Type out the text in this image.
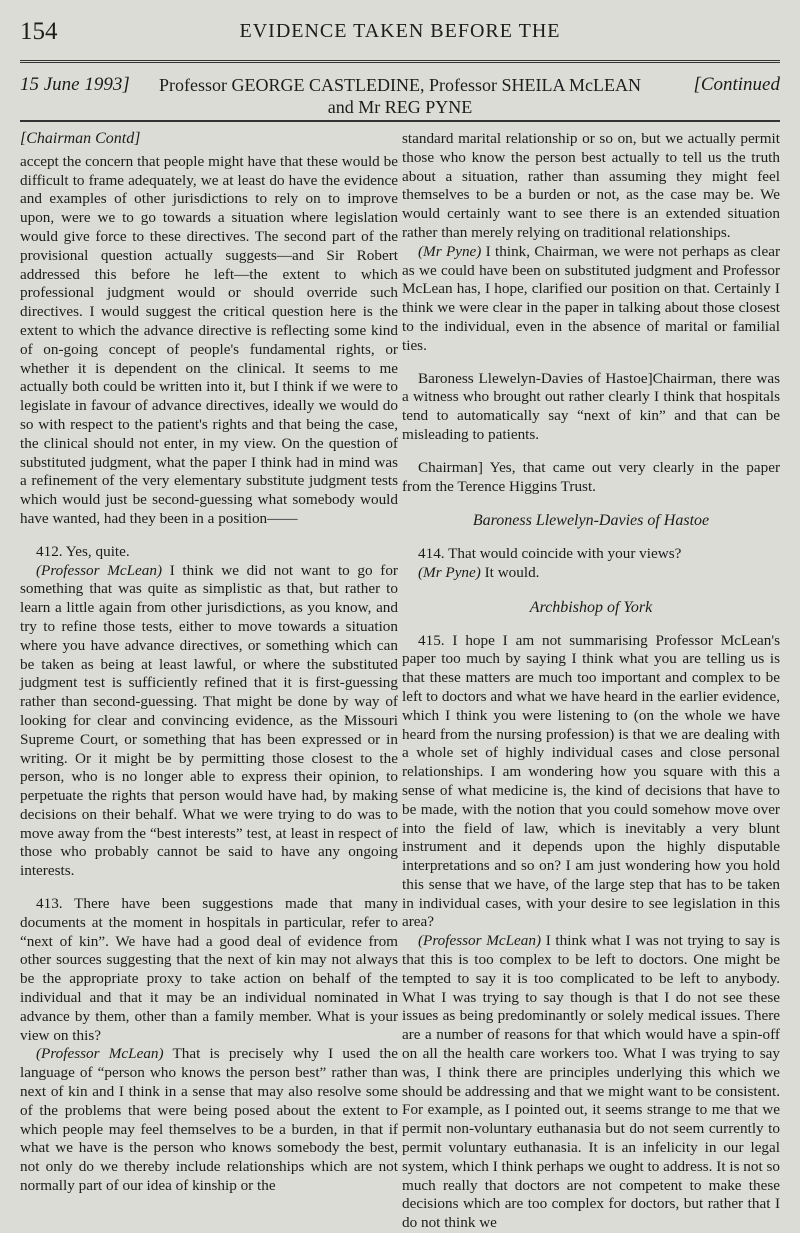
154	EVIDENCE TAKEN BEFORE THE
15 June 1993]	Professor GEORGE CASTLEDINE, Professor SHEILA McLEAN
and Mr REG PYNE
[Continued

[Chairman Contd]

accept the concern that people might have that these would be difficult to frame adequately, we at least do have the evidence and examples of other jurisdictions to rely on to improve upon, were we to go towards a situation where legislation would give force to these directives. The second part of the provisional question actually suggests—and Sir Robert addressed this before he left—the extent to which professional judgment would or should override such directives. I would suggest the critical question here is the extent to which the advance directive is reflecting some kind of on-going concept of people's fundamental rights, or whether it is dependent on the clinical. It seems to me actually both could be written into it, but I think if we were to legislate in favour of advance directives, ideally we would do so with respect to the patient's rights and that being the case, the clinical should not enter, in my view. On the question of substituted judgment, what the paper I think had in mind was a refinement of the very elementary substitute judgment tests which would just be second-guessing what somebody would have wanted, had they been in a position——

412. Yes, quite.

(Professor McLean) I think we did not want to go for something that was quite as simplistic as that, but rather to learn a little again from other jurisdictions, as you know, and try to refine those tests, either to move towards a situation where you have advance directives, or something which can be taken as being at least lawful, or where the substituted judgment test is sufficiently refined that it is first-guessing rather than second-guessing. That might be done by way of looking for clear and convincing evidence, as the Missouri Supreme Court, or something that has been expressed or in writing. Or it might be by permitting those closest to the person, who is no longer able to express their opinion, to perpetuate the rights that person would have had, by making decisions on their behalf. What we were trying to do was to move away from the “best interests” test, at least in respect of those who probably cannot be said to have any ongoing interests.

413. There have been suggestions made that many documents at the moment in hospitals in particular, refer to “next of kin”. We have had a good deal of evidence from other sources suggesting that the next of kin may not always be the appropriate proxy to take action on behalf of the individual and that it may be an individual nominated in advance by them, other than a family member. What is your view on this?

(Professor McLean) That is precisely why I used the language of “person who knows the person best” rather than next of kin and I think in a sense that may also resolve some of the problems that were being posed about the extent to which people may feel themselves to be a burden, in that if what we have is the person who knows somebody the best, not only do we thereby include relationships which are not normally part of our idea of kinship or the

standard marital relationship or so on, but we actually permit those who know the person best actually to tell us the truth about a situation, rather than assuming they might feel themselves to be a burden or not, as the case may be. We would certainly want to see there is an extended situation rather than merely relying on traditional relationships.

(Mr Pyne) I think, Chairman, we were not perhaps as clear as we could have been on substituted judgment and Professor McLean has, I hope, clarified our position on that. Certainly I think we were clear in the paper in talking about those closest to the individual, even in the absence of marital or familial ties.

Baroness Llewelyn-Davies of Hastoe]Chairman, there was a witness who brought out rather clearly I think that hospitals tend to automatically say “next of kin” and that can be misleading to patients.

Chairman] Yes, that came out very clearly in the paper from the Terence Higgins Trust.

Baroness Llewelyn-Davies of Hastoe

414. That would coincide with your views?

(Mr Pyne) It would.

Archbishop of York

415. I hope I am not summarising Professor McLean's paper too much by saying I think what you are telling us is that these matters are much too important and complex to be left to doctors and what we have heard in the earlier evidence, which I think you were listening to (on the whole we have heard from the nursing profession) is that we are dealing with a whole set of highly individual cases and close personal relationships. I am wondering how you square with this a sense of what medicine is, the kind of decisions that have to be made, with the notion that you could somehow move over into the field of law, which is inevitably a very blunt instrument and it depends upon the highly disputable interpretations and so on? I am just wondering how you hold this sense that we have, of the large step that has to be taken in individual cases, with your desire to see legislation in this area?

(Professor McLean) I think what I was not trying to say is that this is too complex to be left to doctors. One might be tempted to say it is too complicated to be left to anybody. What I was trying to say though is that I do not see these issues as being predominantly or solely medical issues. There are a number of reasons for that which would have a spin-off on all the health care workers too. What I was trying to say was, I think there are principles underlying this which we should be addressing and that we might want to be consistent. For example, as I pointed out, it seems strange to me that we permit non-voluntary euthanasia but do not seem currently to permit voluntary euthanasia. It is an infelicity in our legal system, which I think perhaps we ought to address. It is not so much really that doctors are not competent to make these decisions which are too complex for doctors, but rather that I do not think we
